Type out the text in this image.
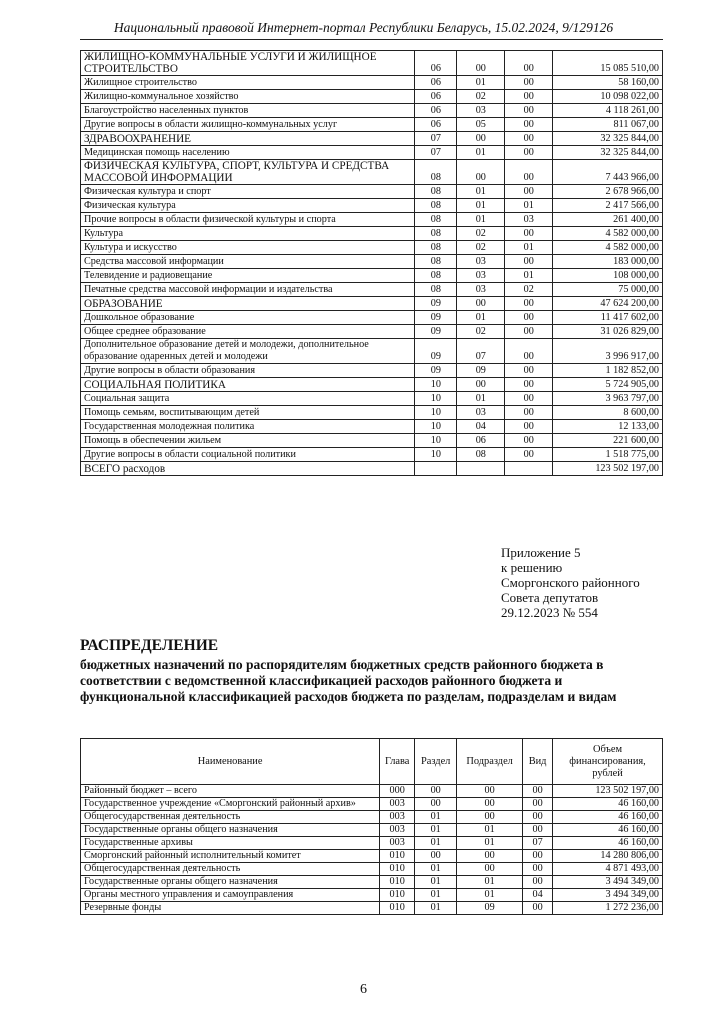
Национальный правовой Интернет-портал Республики Беларусь, 15.02.2024, 9/129126
ЖИЛИЩНО-КОММУНАЛЬНЫЕ УСЛУГИ И ЖИЛИЩНОЕ СТРОИТЕЛЬСТВО	06	00	00	15 085 510,00
Жилищное строительство	06	01	00	58 160,00
Жилищно-коммунальное хозяйство	06	02	00	10 098 022,00
Благоустройство населенных пунктов	06	03	00	4 118 261,00
Другие вопросы в области жилищно-коммунальных услуг	06	05	00	811 067,00
ЗДРАВООХРАНЕНИЕ	07	00	00	32 325 844,00
Медицинская помощь населению	07	01	00	32 325 844,00
ФИЗИЧЕСКАЯ КУЛЬТУРА, СПОРТ, КУЛЬТУРА И СРЕДСТВА МАССОВОЙ ИНФОРМАЦИИ	08	00	00	7 443 966,00
Физическая культура и спорт	08	01	00	2 678 966,00
Физическая культура	08	01	01	2 417 566,00
Прочие вопросы в области физической культуры и спорта	08	01	03	261 400,00
Культура	08	02	00	4 582 000,00
Культура и искусство	08	02	01	4 582 000,00
Средства массовой информации	08	03	00	183 000,00
Телевидение и радиовещание	08	03	01	108 000,00
Печатные средства массовой информации и издательства	08	03	02	75 000,00
ОБРАЗОВАНИЕ	09	00	00	47 624 200,00
Дошкольное образование	09	01	00	11 417 602,00
Общее среднее образование	09	02	00	31 026 829,00
Дополнительное образование детей и молодежи, дополнительное образование одаренных детей и молодежи	09	07	00	3 996 917,00
Другие вопросы в области образования	09	09	00	1 182 852,00
СОЦИАЛЬНАЯ ПОЛИТИКА	10	00	00	5 724 905,00
Социальная защита	10	01	00	3 963 797,00
Помощь семьям, воспитывающим детей	10	03	00	8 600,00
Государственная молодежная политика	10	04	00	12 133,00
Помощь в обеспечении жильем	10	06	00	221 600,00
Другие вопросы в области социальной политики	10	08	00	1 518 775,00
ВСЕГО расходов				123 502 197,00
Приложение 5
к решению
Сморгонского районного
Совета депутатов
29.12.2023 № 554
РАСПРЕДЕЛЕНИЕ
бюджетных назначений по распорядителям бюджетных средств районного бюджета в соответствии с ведомственной классификацией расходов районного бюджета и функциональной классификацией расходов бюджета по разделам, подразделам и видам
Наименование	Глава	Раздел	Подраздел	Вид	Объем финансирования, рублей
Районный бюджет – всего	000	00	00	00	123 502 197,00
Государственное учреждение «Сморгонский районный архив»	003	00	00	00	46 160,00
Общегосударственная деятельность	003	01	00	00	46 160,00
Государственные органы общего назначения	003	01	01	00	46 160,00
Государственные архивы	003	01	01	07	46 160,00
Сморгонский районный исполнительный комитет	010	00	00	00	14 280 806,00
Общегосударственная деятельность	010	01	00	00	4 871 493,00
Государственные органы общего назначения	010	01	01	00	3 494 349,00
Органы местного управления и самоуправления	010	01	01	04	3 494 349,00
Резервные фонды	010	01	09	00	1 272 236,00
6
